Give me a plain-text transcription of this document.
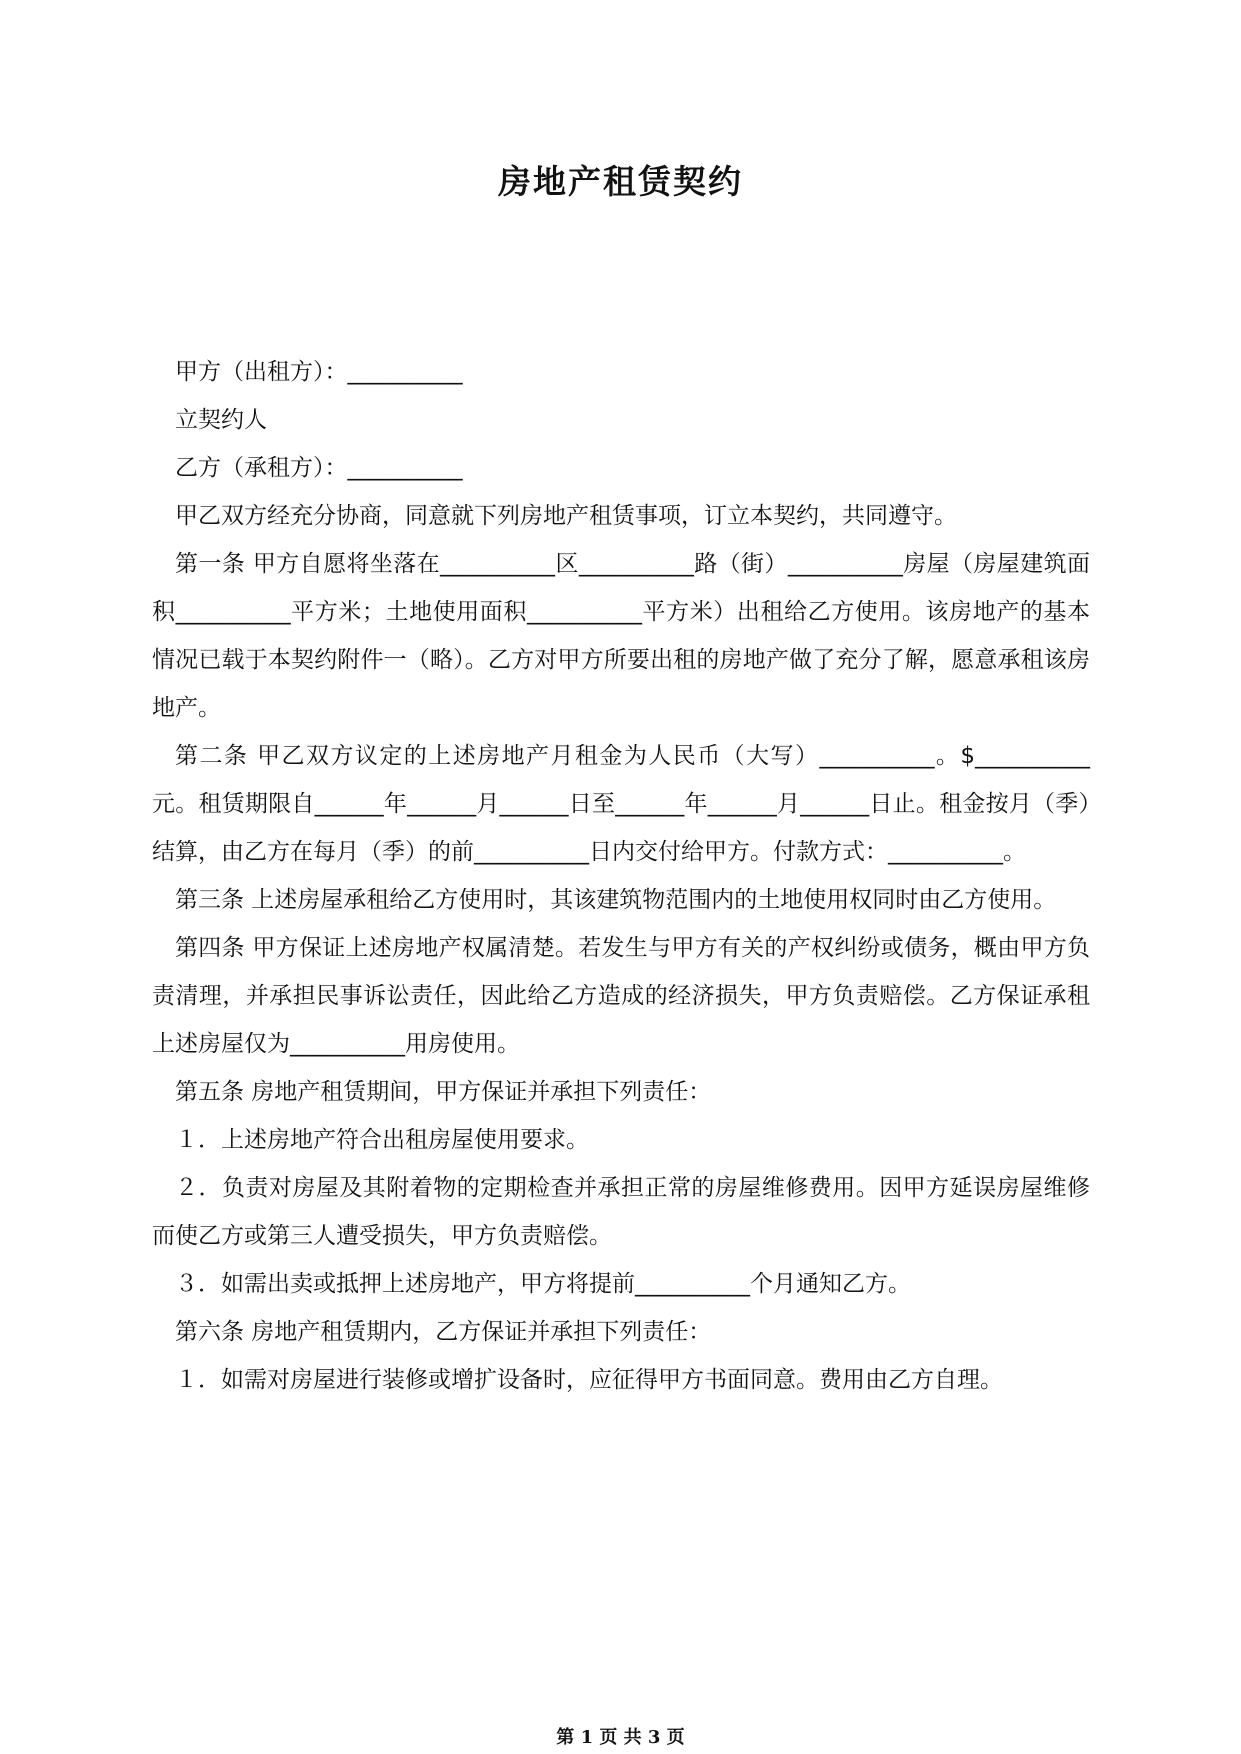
房地产租赁契约

甲方（出租方）：__________

立契约人

乙方（承租方）：__________

甲乙双方经充分协商，同意就下列房地产租赁事项，订立本契约，共同遵守。

第一条 甲方自愿将坐落在__________区__________路（街）__________房屋（房屋建筑面积__________平方米；土地使用面积__________平方米）出租给乙方使用。该房地产的基本情况已载于本契约附件一（略）。乙方对甲方所要出租的房地产做了充分了解，愿意承租该房地产。

第二条 甲乙双方议定的上述房地产月租金为人民币（大写）__________。$__________元。租赁期限自______年______月______日至______年______月______日止。租金按月（季）结算，由乙方在每月（季）的前__________日内交付给甲方。付款方式：__________。

第三条 上述房屋承租给乙方使用时，其该建筑物范围内的土地使用权同时由乙方使用。

第四条 甲方保证上述房地产权属清楚。若发生与甲方有关的产权纠纷或债务，概由甲方负责清理，并承担民事诉讼责任，因此给乙方造成的经济损失，甲方负责赔偿。乙方保证承租上述房屋仅为__________用房使用。

第五条 房地产租赁期间，甲方保证并承担下列责任：

１．上述房地产符合出租房屋使用要求。

２．负责对房屋及其附着物的定期检查并承担正常的房屋维修费用。因甲方延误房屋维修而使乙方或第三人遭受损失，甲方负责赔偿。

３．如需出卖或抵押上述房地产，甲方将提前__________个月通知乙方。

第六条 房地产租赁期内，乙方保证并承担下列责任：

１．如需对房屋进行装修或增扩设备时，应征得甲方书面同意。费用由乙方自理。

第 1 页 共 3 页
